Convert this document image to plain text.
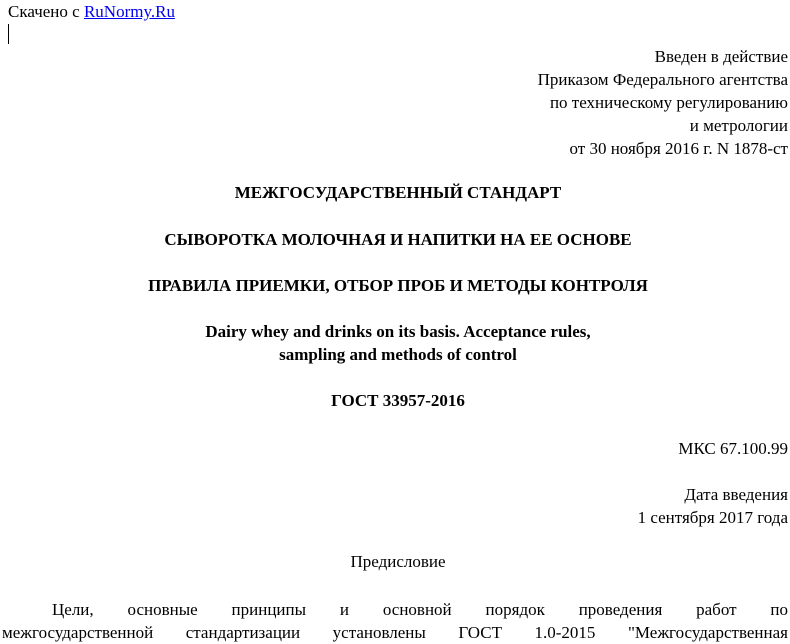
Скачено с RuNormy.Ru
Введен в действие
Приказом Федерального агентства
по техническому регулированию
и метрологии
от 30 ноября 2016 г. N 1878-ст
МЕЖГОСУДАРСТВЕННЫЙ СТАНДАРТ
СЫВОРОТКА МОЛОЧНАЯ И НАПИТКИ НА ЕЕ ОСНОВЕ
ПРАВИЛА ПРИЕМКИ, ОТБОР ПРОБ И МЕТОДЫ КОНТРОЛЯ
Dairy whey and drinks on its basis. Acceptance rules,
sampling and methods of control
ГОСТ 33957-2016
МКС 67.100.99
Дата введения
1 сентября 2017 года
Предисловие
Цели, основные принципы и основной порядок проведения работ по
межгосударственной стандартизации установлены ГОСТ 1.0-2015 "Межгосударственная
